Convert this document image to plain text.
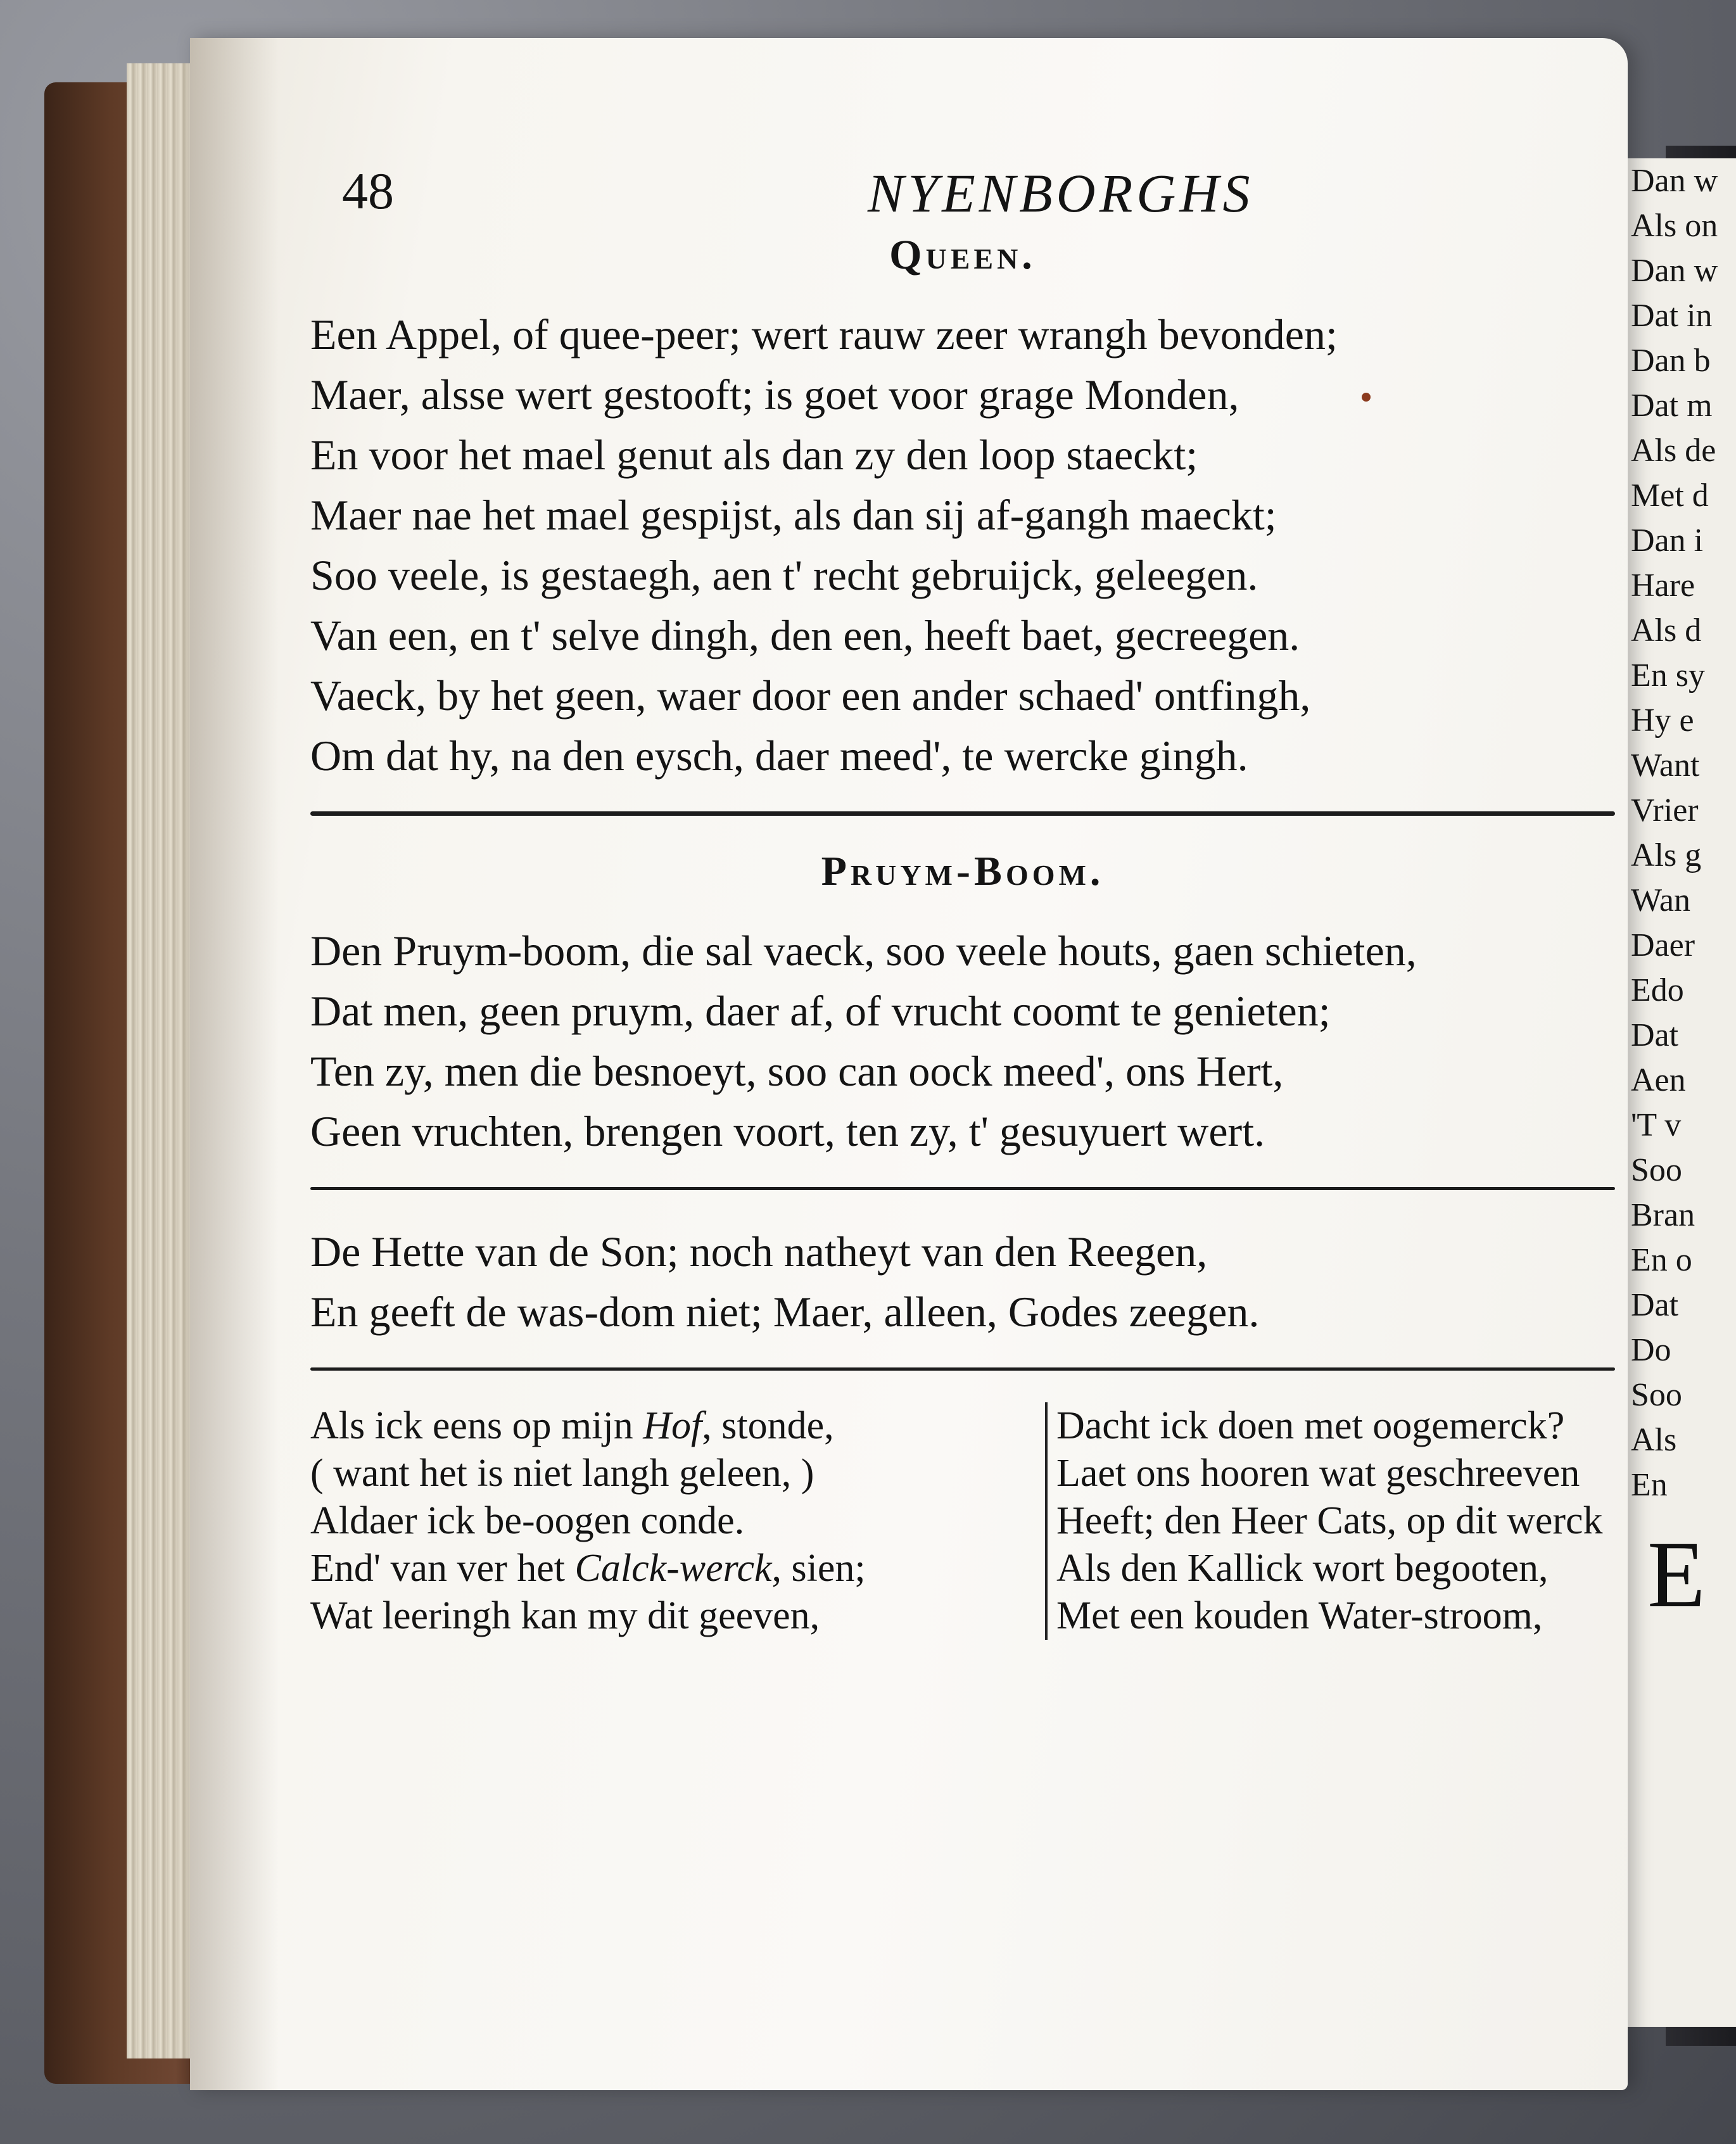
Dan w

Als on

Dan w

Dat in

Dan b

Dat m

Als de

Met d

Dan i

Hare

Als d

En sy

Hy e

Want

Vrier

Als g

Wan

Daer

Edo

Dat

Aen

'T v

Soo

Bran

En o

Dat

Do

Soo

Als

En

E

48	NYENBORGHS

Queen.

Een Appel, of quee-peer; wert rauw zeer wrangh bevonden;

Maer, alsse wert gestooft; is goet voor grage Monden,

En voor het mael genut als dan zy den loop staeckt;

Maer nae het mael gespijst, als dan sij af-gangh maeckt;

Soo veele, is gestaegh, aen t' recht gebruijck, geleegen.

Van een, en t' selve dingh, den een, heeft baet, gecreegen.

Vaeck, by het geen, waer door een ander schaed' ontfingh,

Om dat hy, na den eysch, daer meed', te wercke gingh.

Pruym-Boom.

Den Pruym-boom, die sal vaeck, soo veele houts, gaen schieten,

Dat men, geen pruym, daer af, of vrucht coomt te genieten;

Ten zy, men die besnoeyt, soo can oock meed', ons Hert,

Geen vruchten, brengen voort, ten zy, t' gesuyuert wert.

De Hette van de Son; noch natheyt van den Reegen,

En geeft de was-dom niet; Maer, alleen, Godes zeegen.

Als ick eens op mijn Hof, stonde,

( want het is niet langh geleen, )

Aldaer ick be-oogen conde.

End' van ver het Calck-werck, sien;

Wat leeringh kan my dit geeven,

Dacht ick doen met oogemerck?

Laet ons hooren wat geschreeven

Heeft; den Heer Cats, op dit werck

Als den Kallick wort begooten,

Met een kouden Water-stroom,
